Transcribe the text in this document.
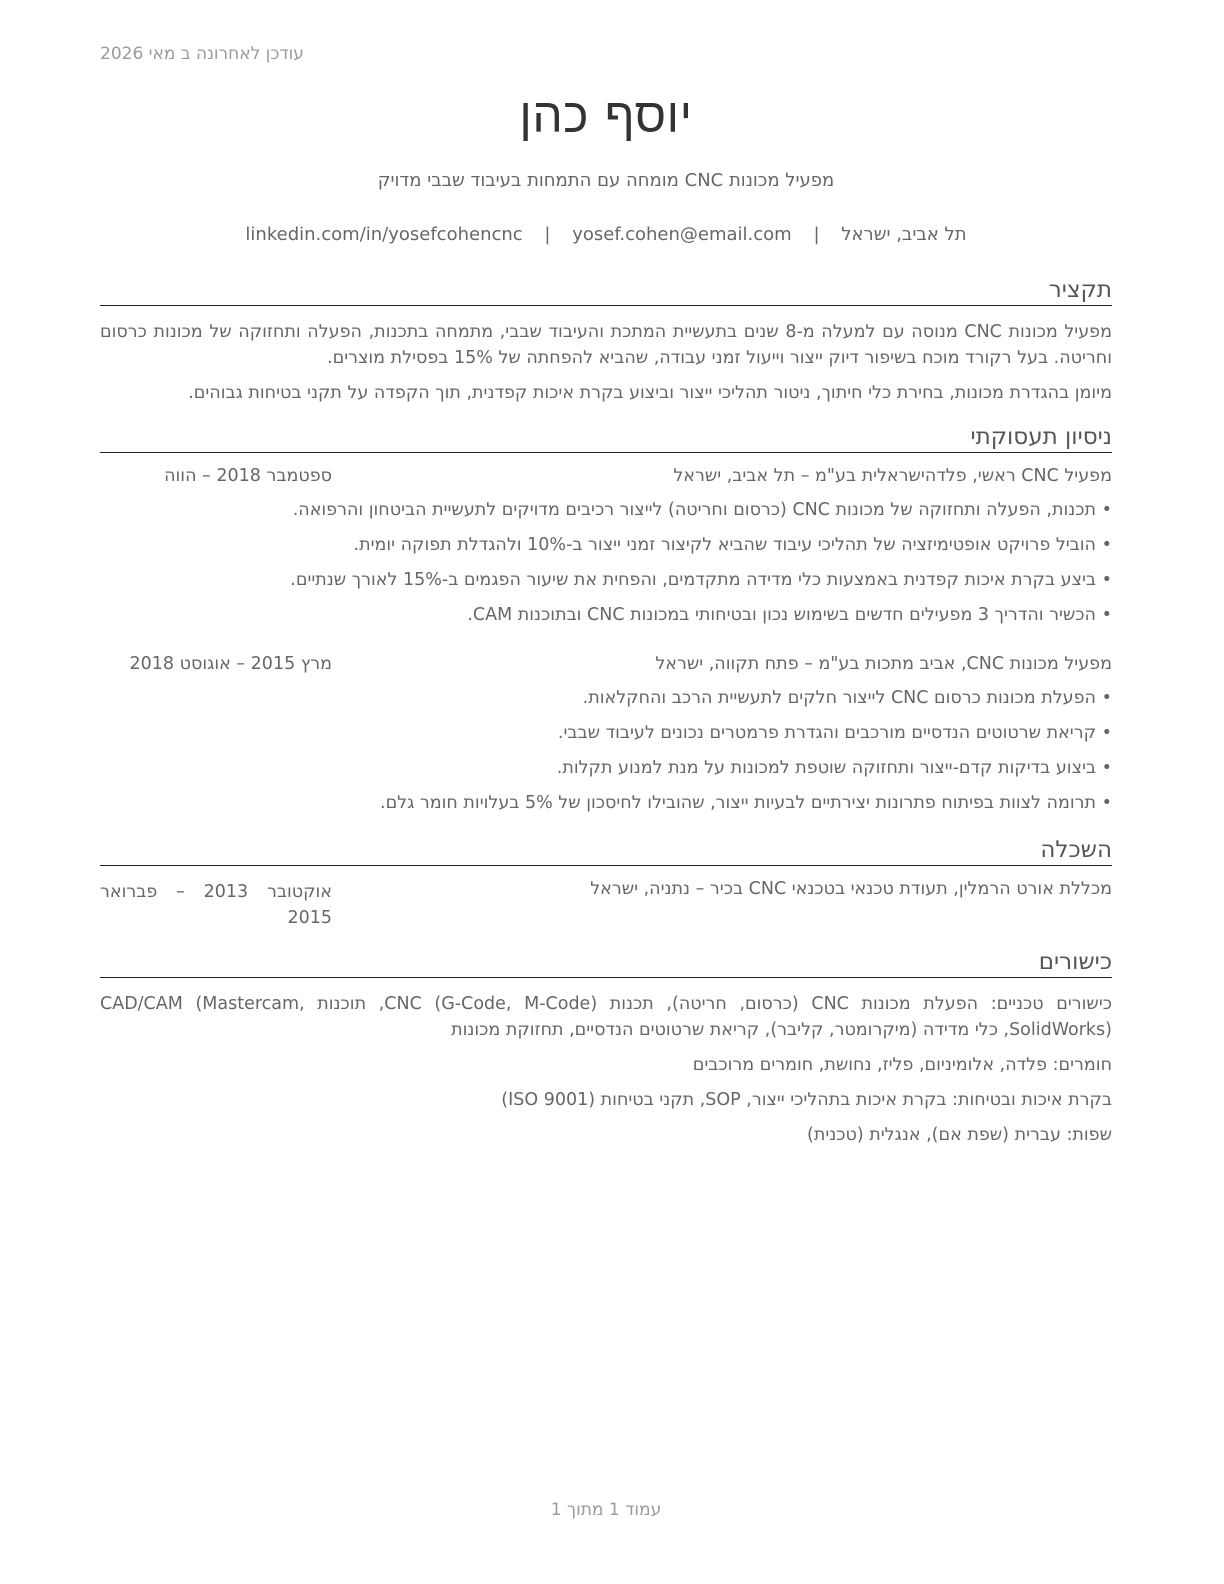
עודכן לאחרונה ב מאי 2026
יוסף כהן
מפעיל מכונות CNC מומחה עם התמחות בעיבוד שבבי מדויק
תל אביב, ישראל | yosef.cohen@email.com | linkedin.com/in/yosefcohencnc
תקציר
מפעיל מכונות CNC מנוסה עם למעלה מ-8 שנים בתעשיית המתכת והעיבוד שבבי, מתמחה בתכנות, הפעלה ותחזוקה של מכונות כרסום וחריטה. בעל רקורד מוכח בשיפור דיוק ייצור וייעול זמני עבודה, שהביא להפחתה של 15% בפסילת מוצרים.
מיומן בהגדרת מכונות, בחירת כלי חיתוך, ניטור תהליכי ייצור וביצוע בקרת איכות קפדנית, תוך הקפדה על תקני בטיחות גבוהים.
ניסיון תעסוקתי
מפעיל CNC ראשי, פלדהישראלית בע"מ – תל אביב, ישראל
ספטמבר 2018 – הווה
•
תכנות, הפעלה ותחזוקה של מכונות CNC (כרסום וחריטה) לייצור רכיבים מדויקים לתעשיית הביטחון והרפואה.
•
הוביל פרויקט אופטימיזציה של תהליכי עיבוד שהביא לקיצור זמני ייצור ב-10% ולהגדלת תפוקה יומית.
•
ביצע בקרת איכות קפדנית באמצעות כלי מדידה מתקדמים, והפחית את שיעור הפגמים ב-15% לאורך שנתיים.
•
הכשיר והדריך 3 מפעילים חדשים בשימוש נכון ובטיחותי במכונות CNC ובתוכנות CAM.
מפעיל מכונות CNC, אביב מתכות בע"מ – פתח תקווה, ישראל
מרץ 2015 – אוגוסט 2018
•
הפעלת מכונות כרסום CNC לייצור חלקים לתעשיית הרכב והחקלאות.
•
קריאת שרטוטים הנדסיים מורכבים והגדרת פרמטרים נכונים לעיבוד שבבי.
•
ביצוע בדיקות קדם-ייצור ותחזוקה שוטפת למכונות על מנת למנוע תקלות.
•
תרומה לצוות בפיתוח פתרונות יצירתיים לבעיות ייצור, שהובילו לחיסכון של 5% בעלויות חומר גלם.
השכלה
מכללת אורט הרמלין, תעודת טכנאי בטכנאי CNC בכיר – נתניה, ישראל
אוקטובר 2013 – פברואר 2015
כישורים
כישורים טכניים: הפעלת מכונות CNC (כרסום, חריטה), תכנות CNC (G-Code, M-Code), תוכנות CAD/CAM (Mastercam, SolidWorks), כלי מדידה (מיקרומטר, קליבר), קריאת שרטוטים הנדסיים, תחזוקת מכונות
חומרים: פלדה, אלומיניום, פליז, נחושת, חומרים מרוכבים
בקרת איכות ובטיחות: בקרת איכות בתהליכי ייצור, SOP, תקני בטיחות (ISO 9001)
שפות: עברית (שפת אם), אנגלית (טכנית)
עמוד 1 מתוך 1
